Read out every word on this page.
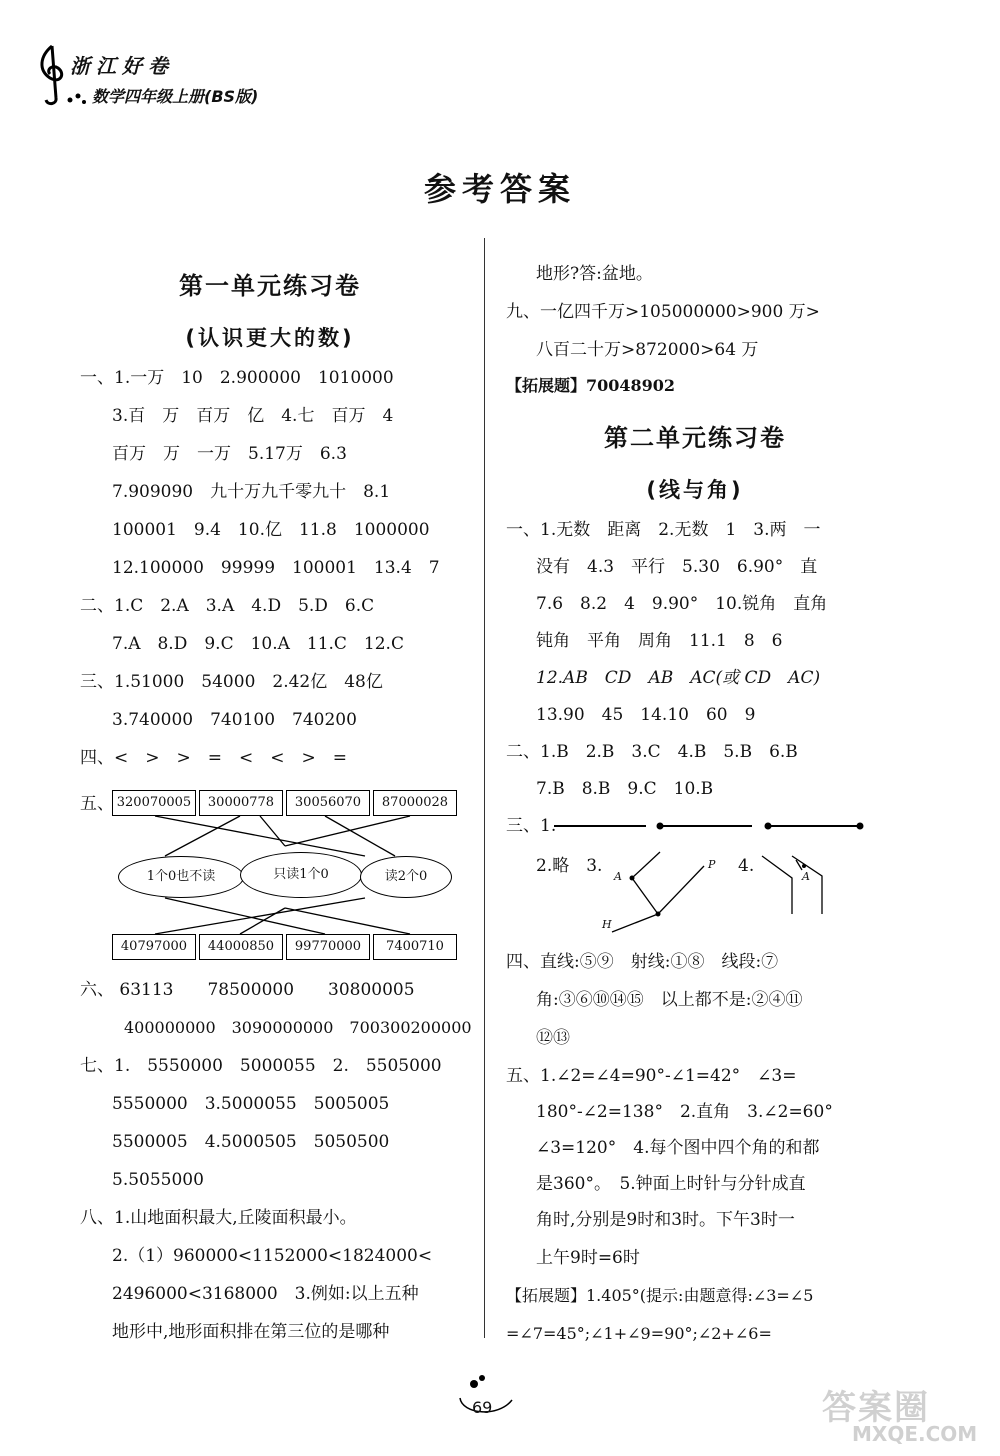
浙江好卷
数学四年级上册(BS版)
参考答案
第一单元练习卷
(认识更大的数)
一、1.一万　10　2.900000　1010000
3.百　万　百万　亿　4.七　百万　4
百万　万　一万　5.17万　6.3
7.909090　九十万九千零九十　8.1
100001　9.4　10.亿　11.8　1000000
12.100000　99999　100001　13.4　7
二、1.C　2.A　3.A　4.D　5.D　6.C
7.A　8.D　9.C　10.A　11.C　12.C
三、1.51000　54000　2.42亿　48亿
3.740000　740100　740200
四、<　>　>　=　<　<　>　=
五、 320070005	30000778	30056070	87000028
1个0也不读	只读1个0	读2个0
40797000	44000850	99770000	7400710
六、 63113　　78500000　　30800005
400000000　3090000000　700300200000
七、1.　5550000　5000055　2.　5505000
5550000　3.5000055　5005005
5500005　4.5000505　5050500
5.5055000
八、1.山地面积最大,丘陵面积最小。
2.（1）960000<1152000<1824000<
2496000<3168000　3.例如:以上五种
地形中,地形面积排在第三位的是哪种
地形?答:盆地。
九、一亿四千万>105000000>900 万>
八百二十万>872000>64 万
【拓展题】70048902
第二单元练习卷
(线与角)
一、1.无数　距离　2.无数　1　3.两　一
没有　4.3　平行　5.30　6.90°　直
7.6　8.2　4　9.90°　10.锐角　直角
钝角　平角　周角　11.1　8　6
12.AB　CD　AB　AC(或 CD　AC)
13.90　45　14.10　60　9
二、1.B　2.B　3.C　4.B　5.B　6.B
7.B　8.B　9.C　10.B
三、1.
2.略　3.
A
P
H
4.
A
四、直线:⑤⑨　射线:①⑧　线段:⑦
角:③⑥⑩⑭⑮　以上都不是:②④⑪
⑫⑬
五、1.∠2=∠4=90°-∠1=42°　∠3=
180°-∠2=138°　2.直角　3.∠2=60°
∠3=120°　4.每个图中四个角的和都
是360°。　5.钟面上时针与分针成直
角时,分别是9时和3时。下午3时一
上午9时=6时
【拓展题】1.405°(提示:由题意得:∠3=∠5
=∠7=45°;∠1+∠9=90°;∠2+∠6=
69	答案圈
MXQE.COM
